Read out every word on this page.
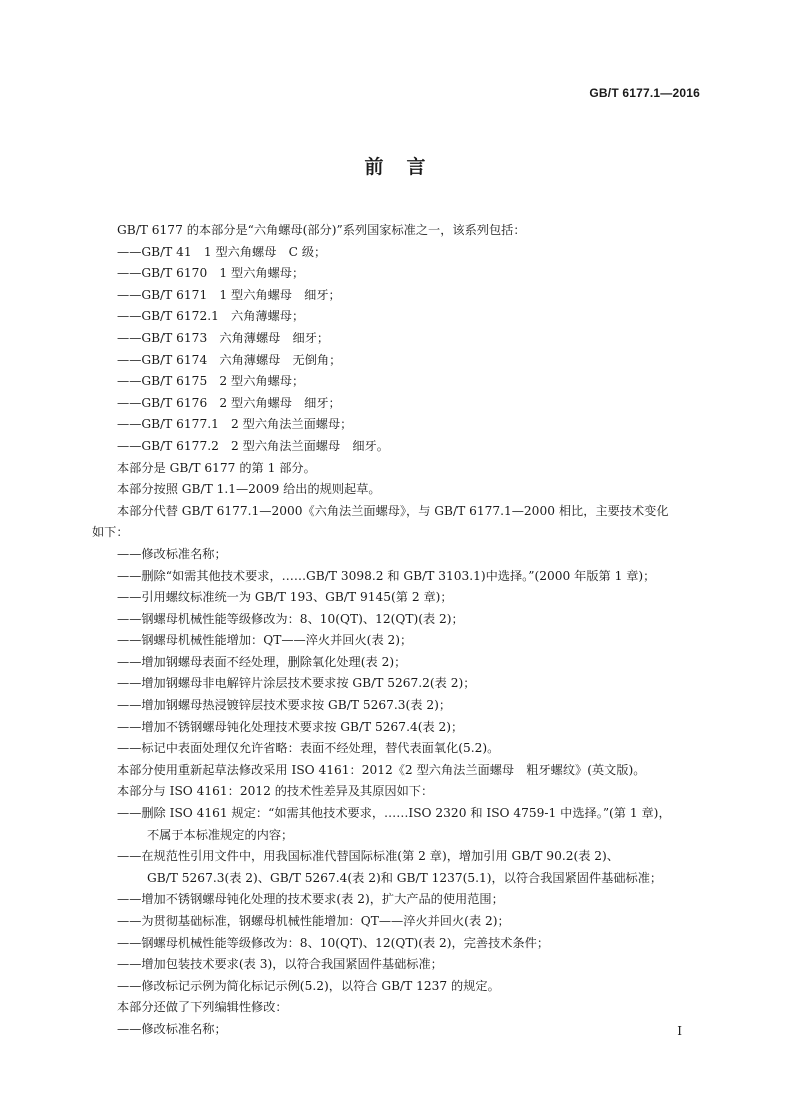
GB/T 6177.1—2016
前　言
GB/T 6177 的本部分是“六角螺母(部分)”系列国家标准之一，该系列包括：
——GB/T 41　1 型六角螺母　C 级；
——GB/T 6170　1 型六角螺母；
——GB/T 6171　1 型六角螺母　细牙；
——GB/T 6172.1　六角薄螺母；
——GB/T 6173　六角薄螺母　细牙；
——GB/T 6174　六角薄螺母　无倒角；
——GB/T 6175　2 型六角螺母；
——GB/T 6176　2 型六角螺母　细牙；
——GB/T 6177.1　2 型六角法兰面螺母；
——GB/T 6177.2　2 型六角法兰面螺母　细牙。
本部分是 GB/T 6177 的第 1 部分。
本部分按照 GB/T 1.1—2009 给出的规则起草。
本部分代替 GB/T 6177.1—2000《六角法兰面螺母》，与 GB/T 6177.1—2000 相比，主要技术变化
如下：
——修改标准名称；
——删除“如需其他技术要求，……GB/T 3098.2 和 GB/T 3103.1)中选择。”(2000 年版第 1 章)；
——引用螺纹标准统一为 GB/T 193、GB/T 9145(第 2 章)；
——钢螺母机械性能等级修改为：8、10(QT)、12(QT)(表 2)；
——钢螺母机械性能增加：QT——淬火并回火(表 2)；
——增加钢螺母表面不经处理，删除氧化处理(表 2)；
——增加钢螺母非电解锌片涂层技术要求按 GB/T 5267.2(表 2)；
——增加钢螺母热浸镀锌层技术要求按 GB/T 5267.3(表 2)；
——增加不锈钢螺母钝化处理技术要求按 GB/T 5267.4(表 2)；
——标记中表面处理仅允许省略：表面不经处理，替代表面氧化(5.2)。
本部分使用重新起草法修改采用 ISO 4161：2012《2 型六角法兰面螺母　粗牙螺纹》(英文版)。
本部分与 ISO 4161：2012 的技术性差异及其原因如下：
——删除 ISO 4161 规定：“如需其他技术要求，……ISO 2320 和 ISO 4759-1 中选择。”(第 1 章)，
不属于本标准规定的内容；
——在规范性引用文件中，用我国标准代替国际标准(第 2 章)，增加引用 GB/T 90.2(表 2)、
GB/T 5267.3(表 2)、GB/T 5267.4(表 2)和 GB/T 1237(5.1)，以符合我国紧固件基础标准；
——增加不锈钢螺母钝化处理的技术要求(表 2)，扩大产品的使用范围；
——为贯彻基础标准，钢螺母机械性能增加：QT——淬火并回火(表 2)；
——钢螺母机械性能等级修改为：8、10(QT)、12(QT)(表 2)，完善技术条件；
——增加包装技术要求(表 3)，以符合我国紧固件基础标准；
——修改标记示例为简化标记示例(5.2)，以符合 GB/T 1237 的规定。
本部分还做了下列编辑性修改：
——修改标准名称；	I
